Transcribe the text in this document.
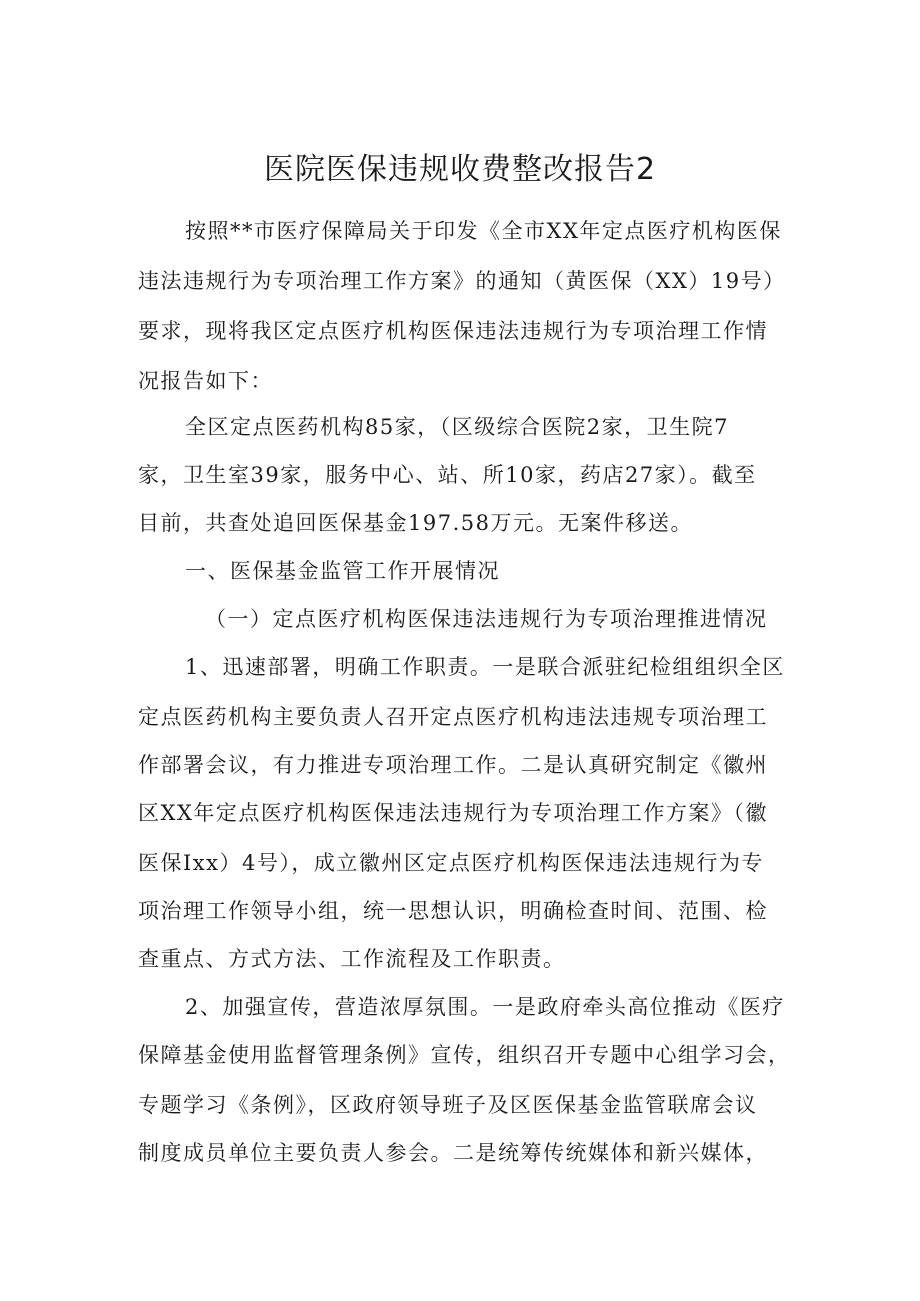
医院医保违规收费整改报告2
按照**市医疗保障局关于印发《全市XX年定点医疗机构医保
违法违规行为专项治理工作方案》的通知（黄医保（XX）19号）
要求，现将我区定点医疗机构医保违法违规行为专项治理工作情
况报告如下：
全区定点医药机构85家，（区级综合医院2家，卫生院7
家，卫生室39家，服务中心、站、所10家，药店27家）。截至
目前，共查处追回医保基金197.58万元。无案件移送。
一、医保基金监管工作开展情况
（一）定点医疗机构医保违法违规行为专项治理推进情况
1、迅速部署，明确工作职责。一是联合派驻纪检组组织全区
定点医药机构主要负责人召开定点医疗机构违法违规专项治理工
作部署会议，有力推进专项治理工作。二是认真研究制定《徽州
区XX年定点医疗机构医保违法违规行为专项治理工作方案》（徽
医保Ixx）4号），成立徽州区定点医疗机构医保违法违规行为专
项治理工作领导小组，统一思想认识，明确检查时间、范围、检
查重点、方式方法、工作流程及工作职责。
2、加强宣传，营造浓厚氛围。一是政府牵头高位推动《医疗
保障基金使用监督管理条例》宣传，组织召开专题中心组学习会，
专题学习《条例》，区政府领导班子及区医保基金监管联席会议
制度成员单位主要负责人参会。二是统筹传统媒体和新兴媒体，
